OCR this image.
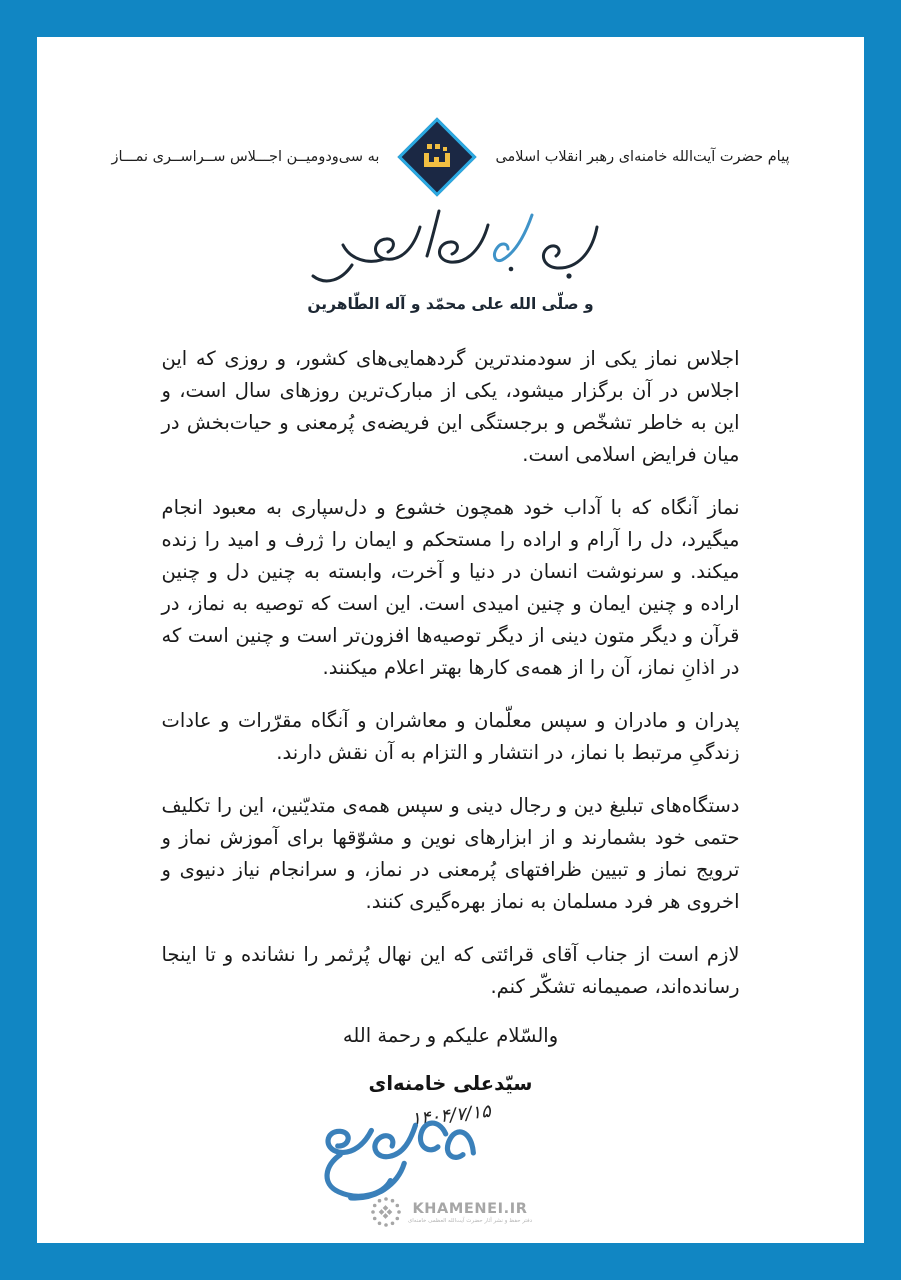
پیام حضرت آیت‌الله خامنه‌ای رهبر انقلاب اسلامی
به سی‌ودومیــن اجـــلاس ســراســری نمـــاز
و صلّی الله علی محمّد و آله الطّاهرین

اجلاس نماز یکی از سودمندترین گردهمایی‌های کشور، و روزی که این اجلاس در آن برگزار میشود، یکی از مبارک‌ترین روزهای سال است، و این به خاطر تشخّص و برجستگی این فریضه‌ی پُرمعنی و حیات‌بخش در میان فرایض اسلامی است.

نماز آنگاه که با آداب خود همچون خشوع و دل‌سپاری به معبود انجام میگیرد، دل را آرام و اراده را مستحکم و ایمان را ژرف و امید را زنده میکند. و سرنوشت انسان در دنیا و آخرت، وابسته به چنین دل و چنین اراده و چنین ایمان و چنین امیدی است. این است که توصیه به نماز، در قرآن و دیگر متون دینی از دیگر توصیه‌ها افزون‌تر است و چنین است که در اذانِ نماز، آن را از همه‌ی کارها بهتر اعلام میکنند.

پدران و مادران و سپس معلّمان و معاشران و آنگاه مقرّرات و عادات زندگیِ مرتبط با نماز، در انتشار و التزام به آن نقش دارند.

دستگاه‌های تبلیغ دین و رجال دینی و سپس همه‌ی متدیّنین، این را تکلیف حتمی خود بشمارند و از ابزارهای نوین و مشوّقها برای آموزش نماز و ترویج نماز و تبیین ظرافتهای پُرمعنی در نماز، و سرانجام نیاز دنیوی و اخروی هر فرد مسلمان به نماز بهره‌گیری کنند.

لازم است از جناب آقای قرائتی که این نهال پُرثمر را نشانده و تا اینجا رسانده‌اند، صمیمانه تشکّر کنم.

والسّلام علیکم و رحمة الله
سیّدعلی خامنه‌ای
۱۴۰۴/۷/۱۵
KHAMENEI.IR
دفتر حفظ و نشر آثار حضرت آیت‌الله العظمی خامنه‌ای
